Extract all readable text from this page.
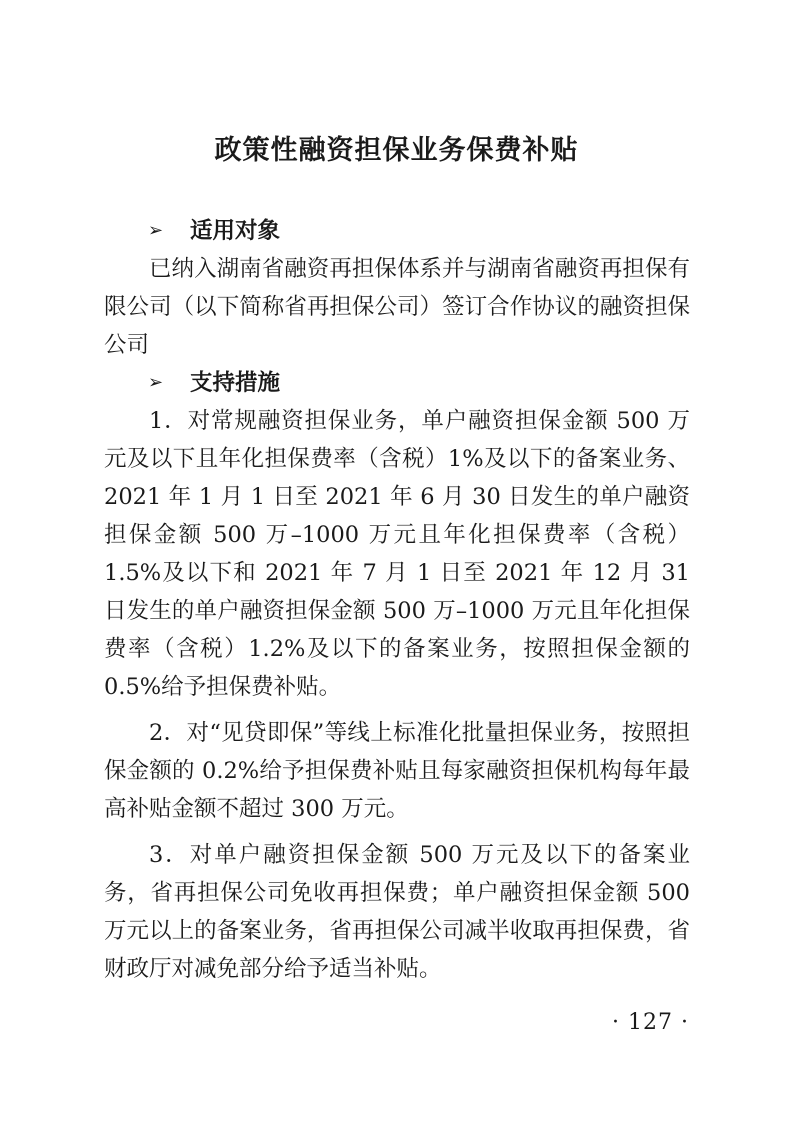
政策性融资担保业务保费补贴
➢	适用对象

已纳入湖南省融资再担保体系并与湖南省融资再担保有限公司（以下简称省再担保公司）签订合作协议的融资担保公司

➢	支持措施

1．对常规融资担保业务，单户融资担保金额 500 万元及以下且年化担保费率（含税）1%及以下的备案业务、2021 年 1 月 1 日至 2021 年 6 月 30 日发生的单户融资担保金额 500 万–1000 万元且年化担保费率（含税）1.5%及以下和 2021 年 7 月 1 日至 2021 年 12 月 31 日发生的单户融资担保金额 500 万–1000 万元且年化担保费率（含税）1.2%及以下的备案业务，按照担保金额的 0.5%给予担保费补贴。

2．对“见贷即保”等线上标准化批量担保业务，按照担保金额的 0.2%给予担保费补贴且每家融资担保机构每年最高补贴金额不超过 300 万元。

3．对单户融资担保金额 500 万元及以下的备案业务，省再担保公司免收再担保费；单户融资担保金额 500 万元以上的备案业务，省再担保公司减半收取再担保费，省财政厅对减免部分给予适当补贴。

· 127 ·
